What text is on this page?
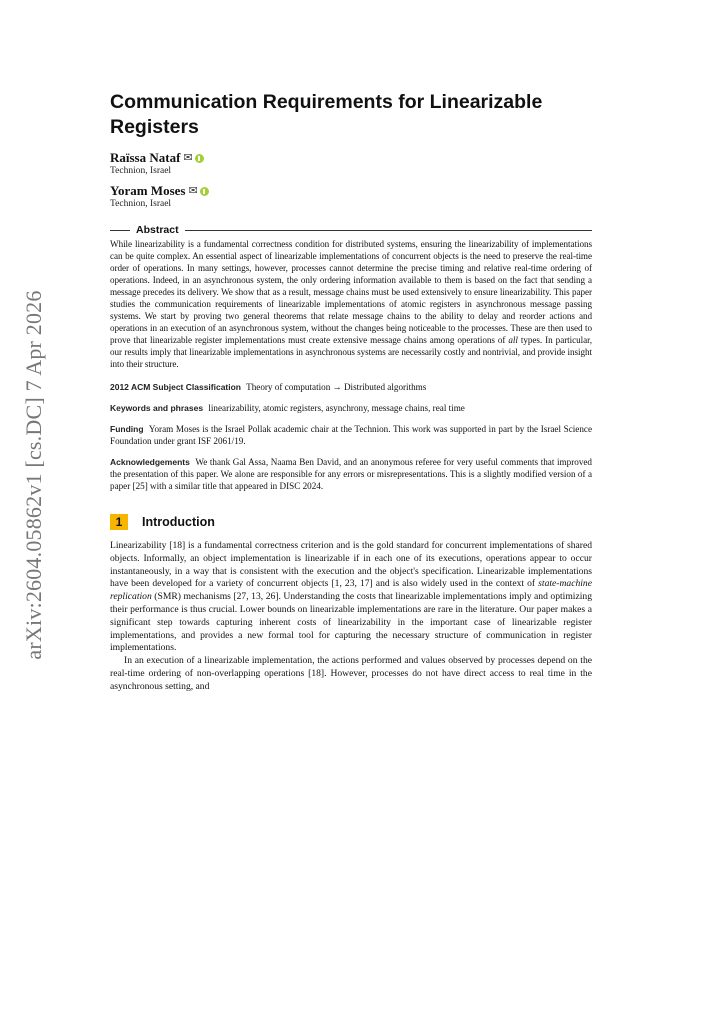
arXiv:2604.05862v1 [cs.DC] 7 Apr 2026
Communication Requirements for Linearizable Registers
Raïssa Nataf ✉
Technion, Israel
Yoram Moses ✉
Technion, Israel
Abstract
While linearizability is a fundamental correctness condition for distributed systems, ensuring the linearizability of implementations can be quite complex. An essential aspect of linearizable implementations of concurrent objects is the need to preserve the real-time order of operations. In many settings, however, processes cannot determine the precise timing and relative real-time ordering of operations. Indeed, in an asynchronous system, the only ordering information available to them is based on the fact that sending a message precedes its delivery. We show that as a result, message chains must be used extensively to ensure linearizability. This paper studies the communication requirements of linearizable implementations of atomic registers in asynchronous message passing systems. We start by proving two general theorems that relate message chains to the ability to delay and reorder actions and operations in an execution of an asynchronous system, without the changes being noticeable to the processes. These are then used to prove that linearizable register implementations must create extensive message chains among operations of all types. In particular, our results imply that linearizable implementations in asynchronous systems are necessarily costly and nontrivial, and provide insight into their structure.
2012 ACM Subject Classification Theory of computation → Distributed algorithms
Keywords and phrases linearizability, atomic registers, asynchrony, message chains, real time
Funding Yoram Moses is the Israel Pollak academic chair at the Technion. This work was supported in part by the Israel Science Foundation under grant ISF 2061/19.
Acknowledgements We thank Gal Assa, Naama Ben David, and an anonymous referee for very useful comments that improved the presentation of this paper. We alone are responsible for any errors or misrepresentations. This is a slightly modified version of a paper [25] with a similar title that appeared in DISC 2024.
1	Introduction

Linearizability [18] is a fundamental correctness criterion and is the gold standard for concurrent implementations of shared objects. Informally, an object implementation is linearizable if in each one of its executions, operations appear to occur instantaneously, in a way that is consistent with the execution and the object's specification. Linearizable implementations have been developed for a variety of concurrent objects [1, 23, 17] and is also widely used in the context of state-machine replication (SMR) mechanisms [27, 13, 26]. Understanding the costs that linearizable implementations imply and optimizing their performance is thus crucial. Lower bounds on linearizable implementations are rare in the literature. Our paper makes a significant step towards capturing inherent costs of linearizability in the important case of linearizable register implementations, and provides a new formal tool for capturing the necessary structure of communication in register implementations.

In an execution of a linearizable implementation, the actions performed and values observed by processes depend on the real-time ordering of non-overlapping operations [18]. However, processes do not have direct access to real time in the asynchronous setting, and
